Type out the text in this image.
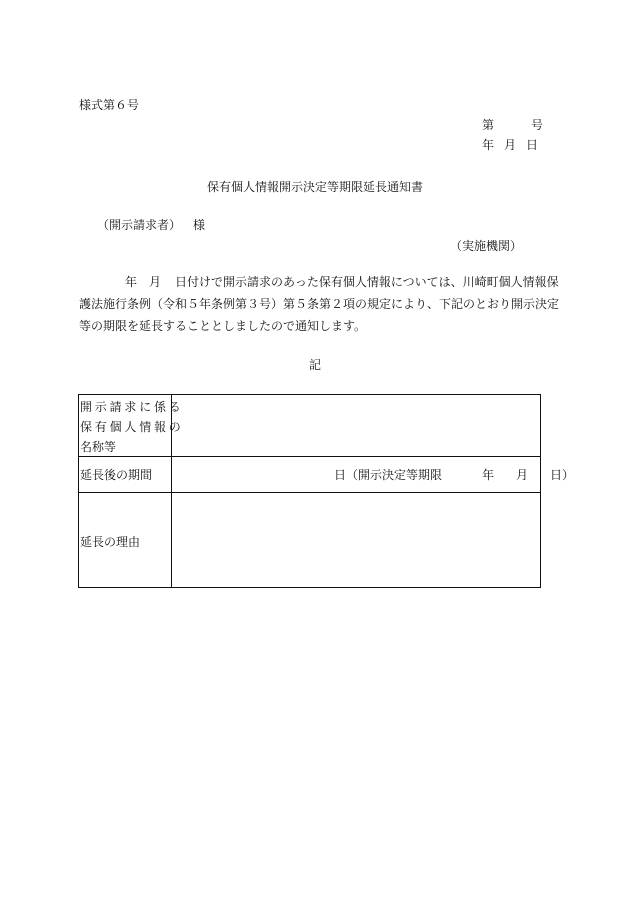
様式第６号
第	号
年 月 日
保有個人情報開示決定等期限延長通知書
（開示請求者） 様
（実施機関）
年 月 日付けで開示請求のあった保有個人情報については、川崎町個人情報保
護法施行条例（令和５年条例第３号）第５条第２項の規定により、下記のとおり開示決定
等の期限を延長することとしましたので通知します。
記
開示請求に係る
保有個人情報の
名称等
延長後の期間	日（開示決定等期限	年 月 日）
延長の理由
